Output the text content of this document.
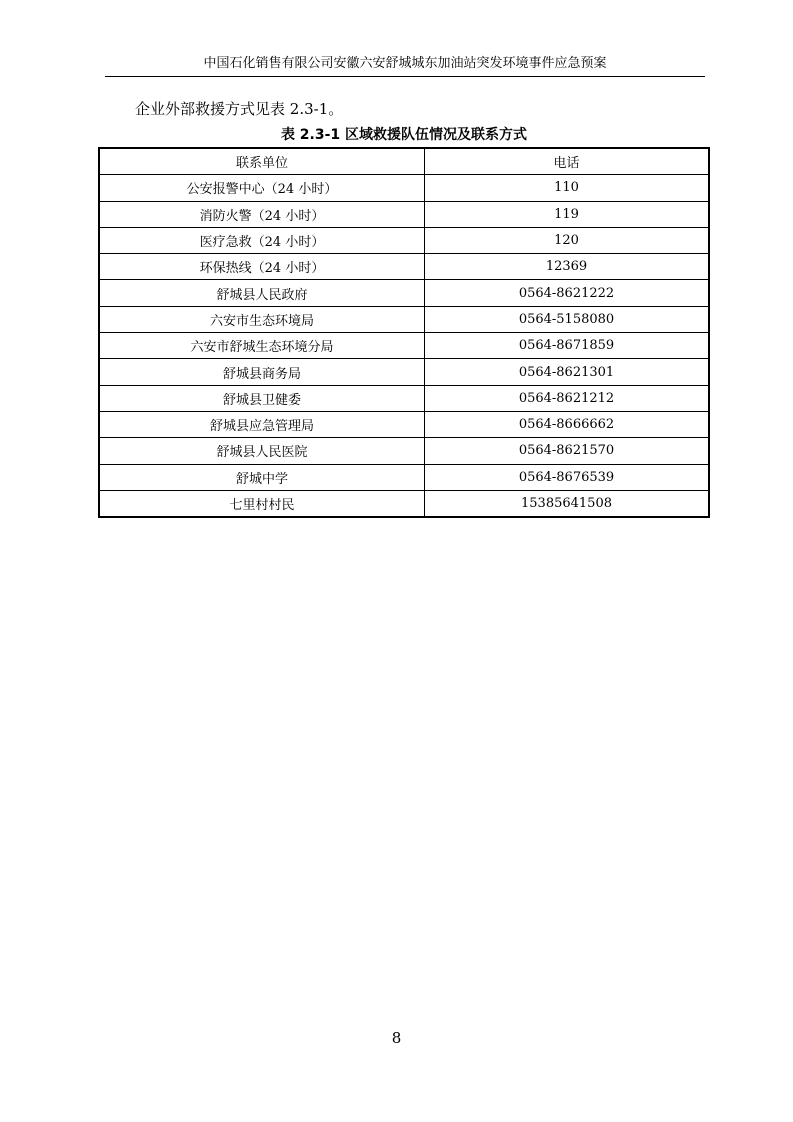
中国石化销售有限公司安徽六安舒城城东加油站突发环境事件应急预案
企业外部救援方式见表 2.3-1。
表 2.3-1 区域救援队伍情况及联系方式
联系单位	电话
公安报警中心（24 小时）	110
消防火警（24 小时）	119
医疗急救（24 小时）	120
环保热线（24 小时）	12369
舒城县人民政府	0564-8621222
六安市生态环境局	0564-5158080
六安市舒城生态环境分局	0564-8671859
舒城县商务局	0564-8621301
舒城县卫健委	0564-8621212
舒城县应急管理局	0564-8666662
舒城县人民医院	0564-8621570
舒城中学	0564-8676539
七里村村民	15385641508
8
